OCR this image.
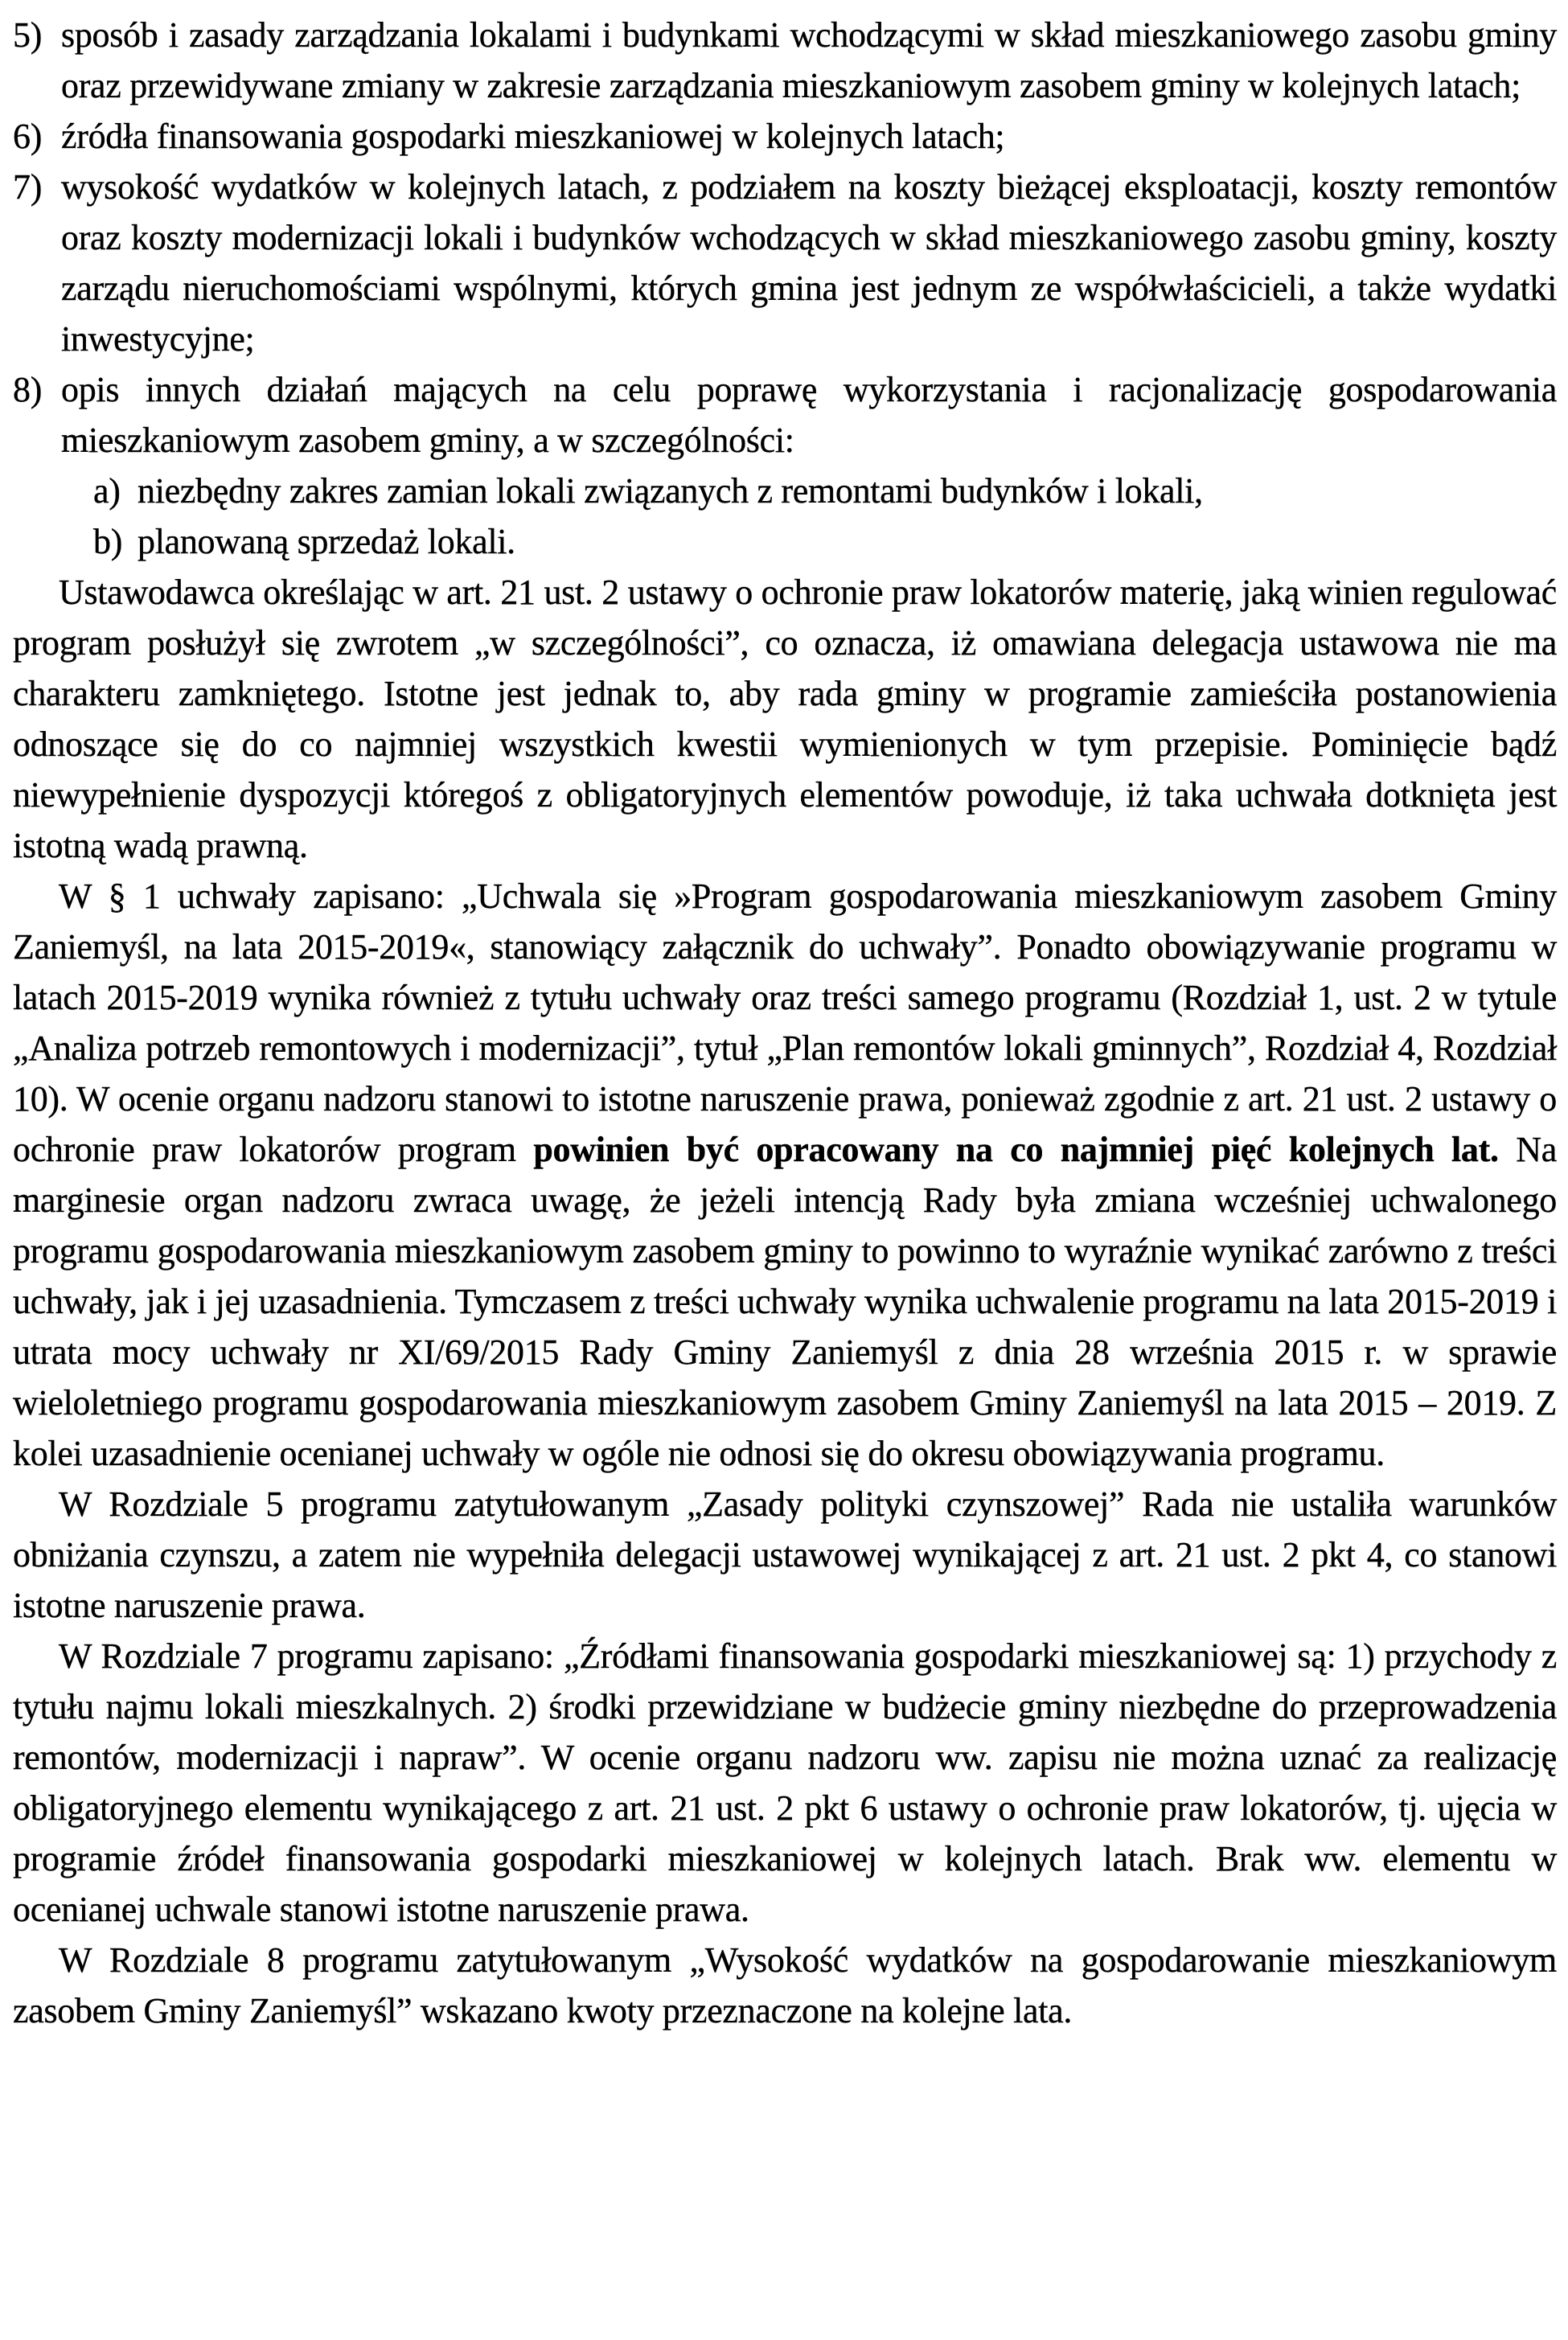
5) sposób i zasady zarządzania lokalami i budynkami wchodzącymi w skład mieszkaniowego zasobu gminy oraz przewidywane zmiany w zakresie zarządzania mieszkaniowym zasobem gminy w kolejnych latach;
6) źródła finansowania gospodarki mieszkaniowej w kolejnych latach;
7) wysokość wydatków w kolejnych latach, z podziałem na koszty bieżącej eksploatacji, koszty remontów oraz koszty modernizacji lokali i budynków wchodzących w skład mieszkaniowego zasobu gminy, koszty zarządu nieruchomościami wspólnymi, których gmina jest jednym ze współwłaścicieli, a także wydatki inwestycyjne;
8) opis innych działań mających na celu poprawę wykorzystania i racjonalizację gospodarowania mieszkaniowym zasobem gminy, a w szczególności:
a) niezbędny zakres zamian lokali związanych z remontami budynków i lokali,
b) planowaną sprzedaż lokali.

Ustawodawca określając w art. 21 ust. 2 ustawy o ochronie praw lokatorów materię, jaką winien regulować program posłużył się zwrotem „w szczególności”, co oznacza, iż omawiana delegacja ustawowa nie ma charakteru zamkniętego. Istotne jest jednak to, aby rada gminy w programie zamieściła postanowienia odnoszące się do co najmniej wszystkich kwestii wymienionych w tym przepisie. Pominięcie bądź niewypełnienie dyspozycji któregoś z obligatoryjnych elementów powoduje, iż taka uchwała dotknięta jest istotną wadą prawną.

W § 1 uchwały zapisano: „Uchwala się »Program gospodarowania mieszkaniowym zasobem Gminy Zaniemyśl, na lata 2015-2019«, stanowiący załącznik do uchwały”. Ponadto obowiązywanie programu w latach 2015-2019 wynika również z tytułu uchwały oraz treści samego programu (Rozdział 1, ust. 2 w tytule „Analiza potrzeb remontowych i modernizacji”, tytuł „Plan remontów lokali gminnych”, Rozdział 4, Rozdział 10). W ocenie organu nadzoru stanowi to istotne naruszenie prawa, ponieważ zgodnie z art. 21 ust. 2 ustawy o ochronie praw lokatorów program powinien być opracowany na co najmniej pięć kolejnych lat. Na marginesie organ nadzoru zwraca uwagę, że jeżeli intencją Rady była zmiana wcześniej uchwalonego programu gospodarowania mieszkaniowym zasobem gminy to powinno to wyraźnie wynikać zarówno z treści uchwały, jak i jej uzasadnienia. Tymczasem z treści uchwały wynika uchwalenie programu na lata 2015-2019 i utrata mocy uchwały nr XI/69/2015 Rady Gminy Zaniemyśl z dnia 28 września 2015 r. w sprawie wieloletniego programu gospodarowania mieszkaniowym zasobem Gminy Zaniemyśl na lata 2015 – 2019. Z kolei uzasadnienie ocenianej uchwały w ogóle nie odnosi się do okresu obowiązywania programu.

W Rozdziale 5 programu zatytułowanym „Zasady polityki czynszowej” Rada nie ustaliła warunków obniżania czynszu, a zatem nie wypełniła delegacji ustawowej wynikającej z art. 21 ust. 2 pkt 4, co stanowi istotne naruszenie prawa.

W Rozdziale 7 programu zapisano: „Źródłami finansowania gospodarki mieszkaniowej są: 1) przychody z tytułu najmu lokali mieszkalnych. 2) środki przewidziane w budżecie gminy niezbędne do przeprowadzenia remontów, modernizacji i napraw”. W ocenie organu nadzoru ww. zapisu nie można uznać za realizację obligatoryjnego elementu wynikającego z art. 21 ust. 2 pkt 6 ustawy o ochronie praw lokatorów, tj. ujęcia w programie źródeł finansowania gospodarki mieszkaniowej w kolejnych latach. Brak ww. elementu w ocenianej uchwale stanowi istotne naruszenie prawa.

W Rozdziale 8 programu zatytułowanym „Wysokość wydatków na gospodarowanie mieszkaniowym zasobem Gminy Zaniemyśl” wskazano kwoty przeznaczone na kolejne lata.
